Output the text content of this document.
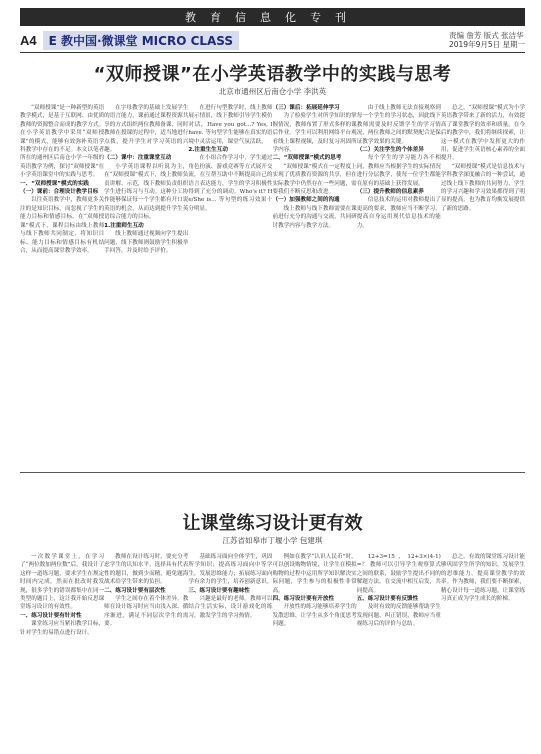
教育信息化专刊
A4	E 教中国·微课堂 MICRO CLASS	责编 詹芳 版式 张洁华
2019年9月5日 星期一
“双师授课”在小学英语教学中的实践与思考
北京市通州区后南仓小学 李洪英

“双师授课”是一种新型的英语教学模式，是基于互联网、由优质教师的资源整合而成的教学方式。在小学英语教学中采用“双师授课”的模式，能够有效弥补英语学科教学中存在的不足。本文以笔者所在的通州区后南仓小学一年级的英语教学为例，探讨“双师授课”在小学英语课堂中的实践与思考。

一、“双师授课”模式的实践

（一）课前：合理设计教学目标

以往英语教学中，教师更多关注的是知识目标，而忽视了学生的能力目标和情感目标。在“双师授课”模式下，课程目标由线上教师与线下教师共同制定，将知识目标、能力目标和情感目标有机结合，从而提高课堂教学效率。

在字母教学的基础上发展学生的语言能力，课前通过课程资源共享的方式组织两位教师备课，同时教师在授课的过程中，适当地进行点拨，提升学生对学习英语的兴趣。

（二）课中：注重课堂互动

小学英语课程以听说为主，在“双师授课”模式下，线上教师负责讲解、示范，线下教师负责组织学生进行练习与互动。这种分工协作能够保证每一个学生都有开口说英语的机会，从而达到提升学生英语综合能力的目标。

1.注重师生互动

线上教师通过视频向学生提出问题，线下教师则鼓励学生积极举手回答，并及时给予评价。

在进行句型教学时，线上教师展示情景，线下教师引导学生模仿对话，Have you got...? Yes, I have. 等句型学生能够在真实的语境中灵活运用，课堂气氛活跃。

2.注重生生互动

在小组合作学习中，学生通过角色扮演、游戏竞赛等方式展开交流，在互帮互助中不断提高自己的语言表达能力，学生的学习积极性得到了充分的调动。Who's it? He/She is... 等句型的练习效果十分明显。

（三）课后：拓展延伸学习

为了检验学生对所学知识的掌握情况，教师布置了形式多样的课后作业。学生可以利用网络平台观看线上课程视频，及时复习巩固所学内容。

二、“双师授课”模式的思考

“双师授课”模式在一定程度上实现了优质教育资源的共享，但在实际教学中仍然存在一些问题，需要我们不断反思和改进。

（一）加强教师之间的沟通

线上教师与线下教师需要在课前进行充分的沟通与交流，共同研讨教学内容与教学方法。

由于线上教师无法直接观察到每一个学生的学习状态，因此线下教师需要及时反馈学生的学习情况，两位教师之间的默契配合是保证教学效果的关键。

（二）关注学生的个体差异

每个学生的学习能力各不相同，教师应当根据学生的实际情况进行分层教学，使每一位学生都能在原有的基础上获得发展。

（三）提升教师的信息素养

信息技术的运用对教师提出了更高的要求，教师应当不断学习，提高自身运用现代信息技术的能力。

总之，“双师授课”模式为小学英语教学带来了新的活力，有效提高了课堂教学的效率和质量。在今后的教学中，我们将继续探索，让这一模式在教学中发挥更大的作用，促进学生英语核心素养的全面提升。

“双师授课”模式是信息技术与学科教学深度融合的一种尝试，通过线上线下教师的共同努力，学生的学习兴趣和学习效果都得到了明显的提高，也为教育均衡发展提供了新的思路。

让课堂练习设计更有效
江苏省如皋市丁堰小学 包建琪

一次数学课堂上，在学习了“两位数加两位数”后，我设计了这样一道练习题，要求学生在规定时间内完成。然而在批改时我发现，很多学生的错误都集中在同一类型的题目上，这让我开始反思课堂练习设计的有效性。

一、练习设计要有针对性

课堂练习应当紧扣教学目标，针对学生的易错点进行设计。

教师在设计练习时，要充分考虑学生的认知水平，选择具有代表性的题目，做到少而精，避免题海战术给学生带来的负担。

二、练习设计要有层次性

学生之间存在着个体差异，教师在设计练习时应当由浅入深、循序渐进，满足不同层次学生的需要。

基础练习面向全体学生，巩固所学知识；提高练习面向中等学生，发展思维能力；拓展练习面向学有余力的学生，培养创新意识。

三、练习设计要有趣味性

兴趣是最好的老师。教师可以结合生活实际，设计游戏化的练习，激发学生的学习热情。

例如在教学“认识人民币”时，可以创设购物情境，让学生在模拟购物的过程中运用所学知识解决实际问题，学生参与的积极性非常高。

四、练习设计要有开放性

开放性的练习能够培养学生的发散思维，让学生从多个角度思考问题。

12+3=15，12+3×(4-1)=？ 教师可以引导学生观察算式之间的联系，鼓励学生提出不同的解题方法，在交流中相互启发，共同提高。

五、练习设计要有反馈性

及时有效的反馈能够帮助学生发现问题、纠正错误，教师应当重视练习后的评价与总结。

总之，有效的课堂练习设计能够巩固学生所学的知识，发展学生的思维能力，提高课堂教学的效率。作为教师，我们要不断探索，精心设计每一道练习题，让课堂练习真正成为学生成长的阶梯。
